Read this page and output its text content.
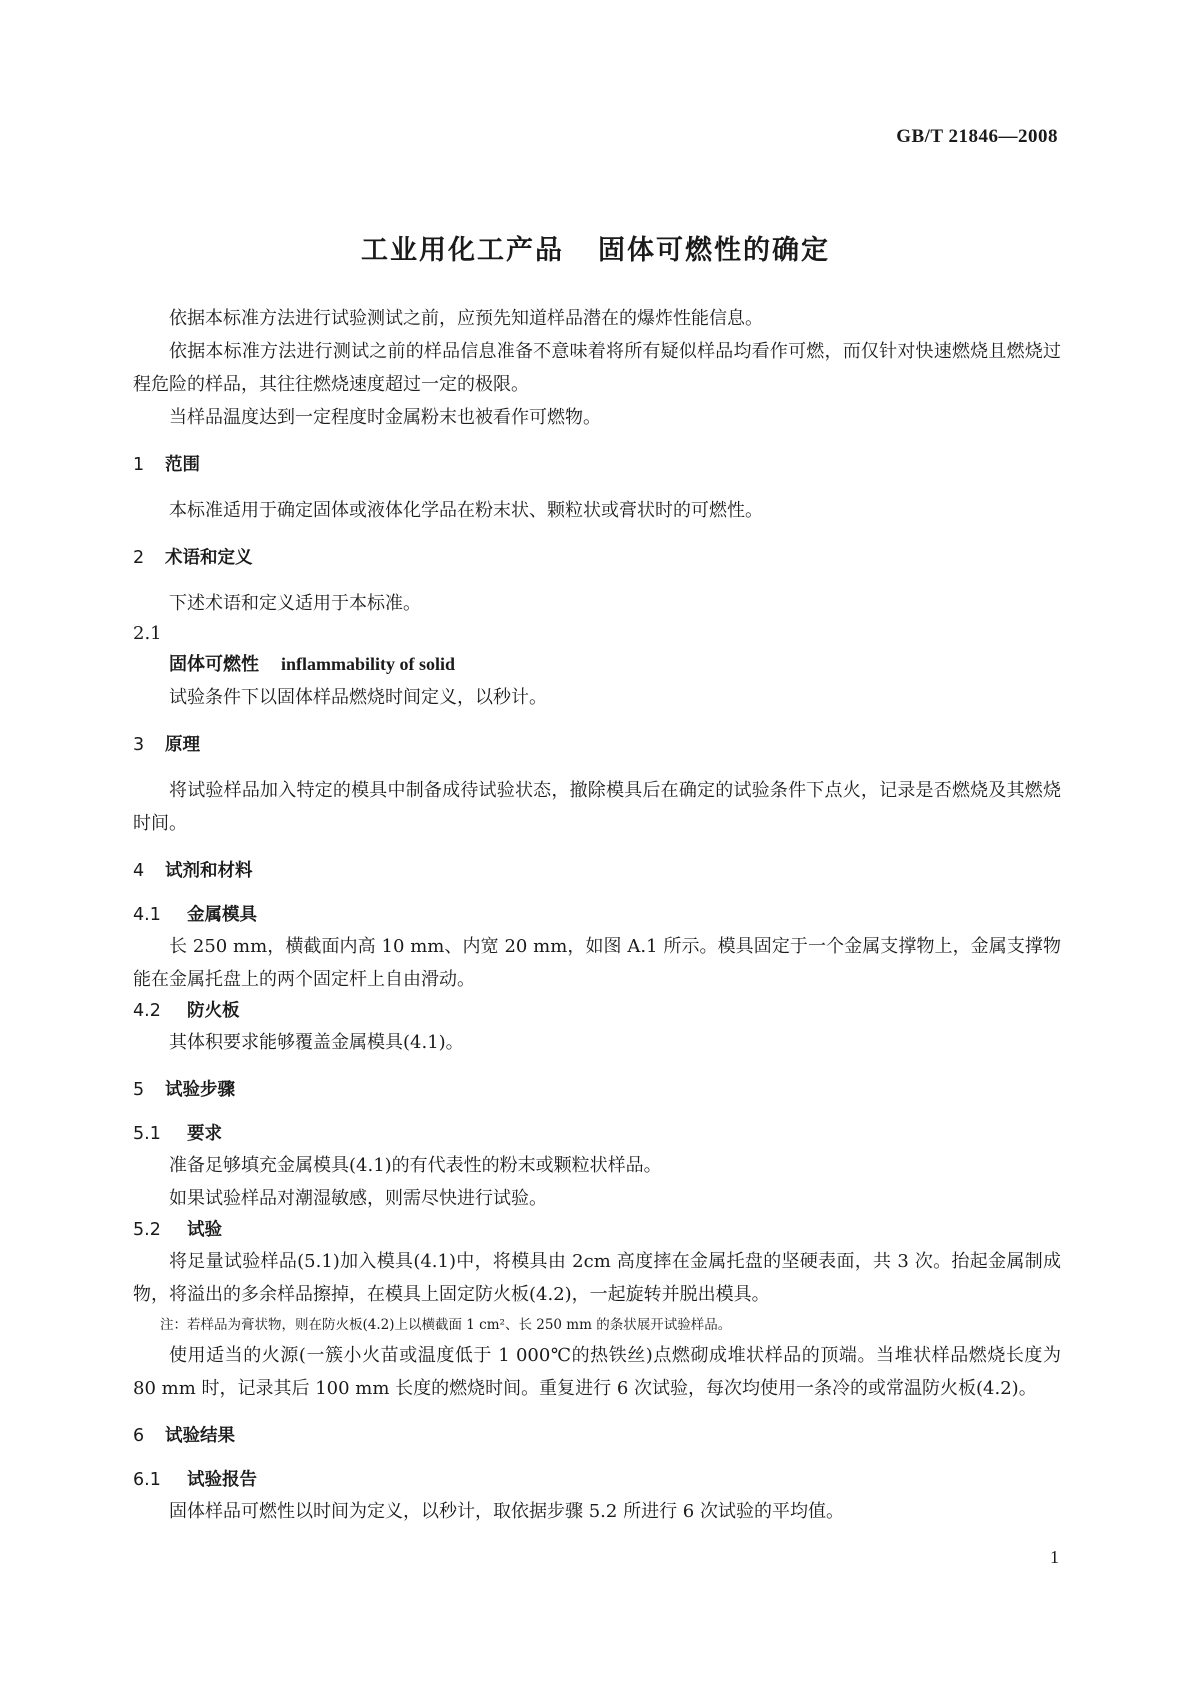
GB/T 21846—2008
工业用化工产品 固体可燃性的确定

依据本标准方法进行试验测试之前，应预先知道样品潜在的爆炸性能信息。

依据本标准方法进行测试之前的样品信息准备不意味着将所有疑似样品均看作可燃，而仅针对快速燃烧且燃烧过程危险的样品，其往往燃烧速度超过一定的极限。

当样品温度达到一定程度时金属粉末也被看作可燃物。

1 范围

本标准适用于确定固体或液体化学品在粉末状、颗粒状或膏状时的可燃性。

2 术语和定义

下述术语和定义适用于本标准。

2.1
固体可燃性 inflammability of solid

试验条件下以固体样品燃烧时间定义，以秒计。

3 原理

将试验样品加入特定的模具中制备成待试验状态，撤除模具后在确定的试验条件下点火，记录是否燃烧及其燃烧时间。

4 试剂和材料
4.1 金属模具

长 250 mm，横截面内高 10 mm、内宽 20 mm，如图 A.1 所示。模具固定于一个金属支撑物上，金属支撑物能在金属托盘上的两个固定杆上自由滑动。

4.2 防火板

其体积要求能够覆盖金属模具(4.1)。

5 试验步骤
5.1 要求

准备足够填充金属模具(4.1)的有代表性的粉末或颗粒状样品。

如果试验样品对潮湿敏感，则需尽快进行试验。

5.2 试验

将足量试验样品(5.1)加入模具(4.1)中，将模具由 2cm 高度摔在金属托盘的坚硬表面，共 3 次。抬起金属制成物，将溢出的多余样品擦掉，在模具上固定防火板(4.2)，一起旋转并脱出模具。

注：若样品为膏状物，则在防火板(4.2)上以横截面 1 cm²、长 250 mm 的条状展开试验样品。

使用适当的火源(一簇小火苗或温度低于 1 000℃的热铁丝)点燃砌成堆状样品的顶端。当堆状样品燃烧长度为 80 mm 时，记录其后 100 mm 长度的燃烧时间。重复进行 6 次试验，每次均使用一条冷的或常温防火板(4.2)。

6 试验结果
6.1 试验报告

固体样品可燃性以时间为定义，以秒计，取依据步骤 5.2 所进行 6 次试验的平均值。

1
